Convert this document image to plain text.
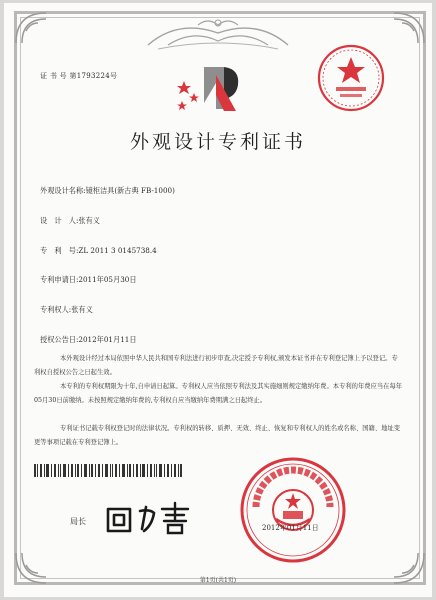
证 书 号 第1793224号
外观设计专利证书
外观设计名称:镜柜洁具(新古典 FB-1000)
设　计　人:张有义
专　利　号:ZL 2011 3 0145738.4
专利申请日:2011年05月30日
专利权人:张有义
授权公告日:2012年01月11日
本外观设计经过本局依照中华人民共和国专利法进行初步审查,决定授予专利权,颁发本证书并在专利登记簿上予以登记。专利权自授权公告之日起生效。
本专利的专利权期限为十年,自申请日起算。专利权人应当依照专利法及其实施细则规定缴纳年费。本专利的年费应当在每年05月30日前缴纳。未按照规定缴纳年费的,专利权自应当缴纳年费期满之日起终止。
专利证书记载专利权登记时的法律状况。专利权的转移、质押、无效、终止、恢复和专利权人的姓名或名称、国籍、地址变更等事项记载在专利登记簿上。
局长
2012年01月11日
第1页(共1页)
